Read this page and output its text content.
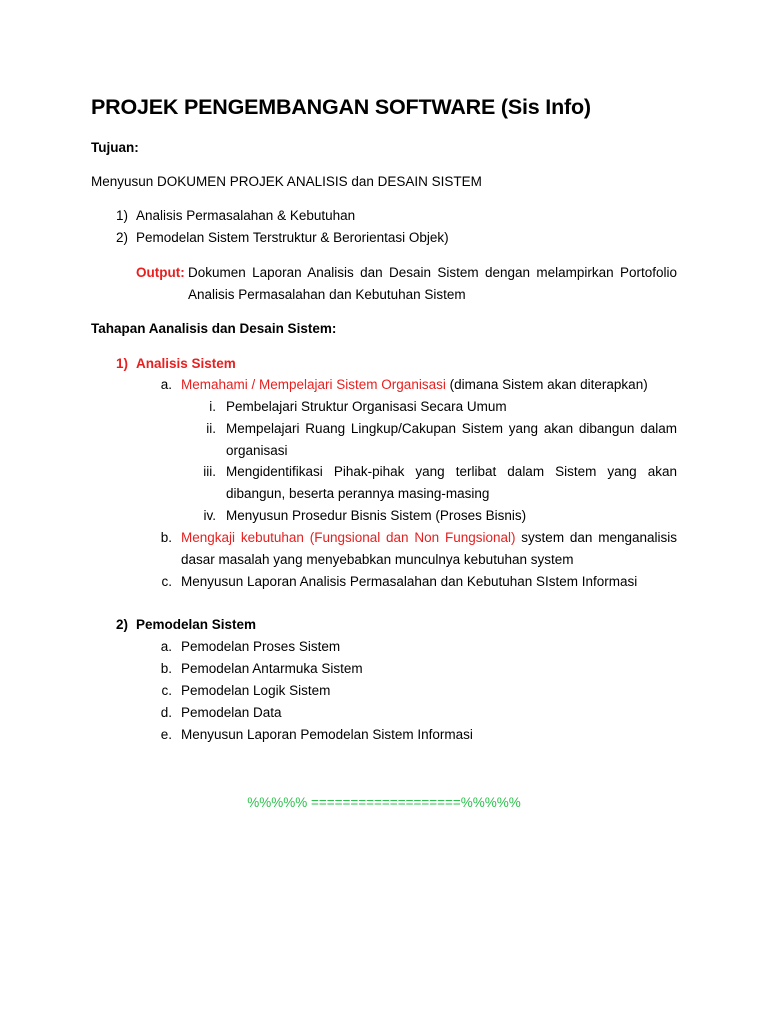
PROJEK PENGEMBANGAN SOFTWARE (Sis Info)
Tujuan:
Menyusun DOKUMEN PROJEK ANALISIS dan DESAIN SISTEM
1) Analisis Permasalahan & Kebutuhan
2) Pemodelan Sistem Terstruktur & Berorientasi Objek)
Output: Dokumen Laporan Analisis dan Desain Sistem dengan melampirkan Portofolio
Analisis Permasalahan dan Kebutuhan Sistem
Tahapan Aanalisis dan Desain Sistem:
1) Analisis Sistem
a. Memahami / Mempelajari Sistem Organisasi (dimana Sistem akan diterapkan)
i. Pembelajari Struktur Organisasi Secara Umum
ii. Mempelajari Ruang Lingkup/Cakupan Sistem yang akan dibangun dalam
organisasi
iii. Mengidentifikasi Pihak-pihak yang terlibat dalam Sistem yang akan
dibangun, beserta perannya masing-masing
iv. Menyusun Prosedur Bisnis Sistem (Proses Bisnis)
b. Mengkaji kebutuhan (Fungsional dan Non Fungsional) system dan menganalisis
dasar masalah yang menyebabkan munculnya kebutuhan system
c. Menyusun Laporan Analisis Permasalahan dan Kebutuhan SIstem Informasi
2) Pemodelan Sistem
a. Pemodelan Proses Sistem
b. Pemodelan Antarmuka Sistem
c. Pemodelan Logik Sistem
d. Pemodelan Data
e. Menyusun Laporan Pemodelan Sistem Informasi
%%%%% ===================%%%%%
